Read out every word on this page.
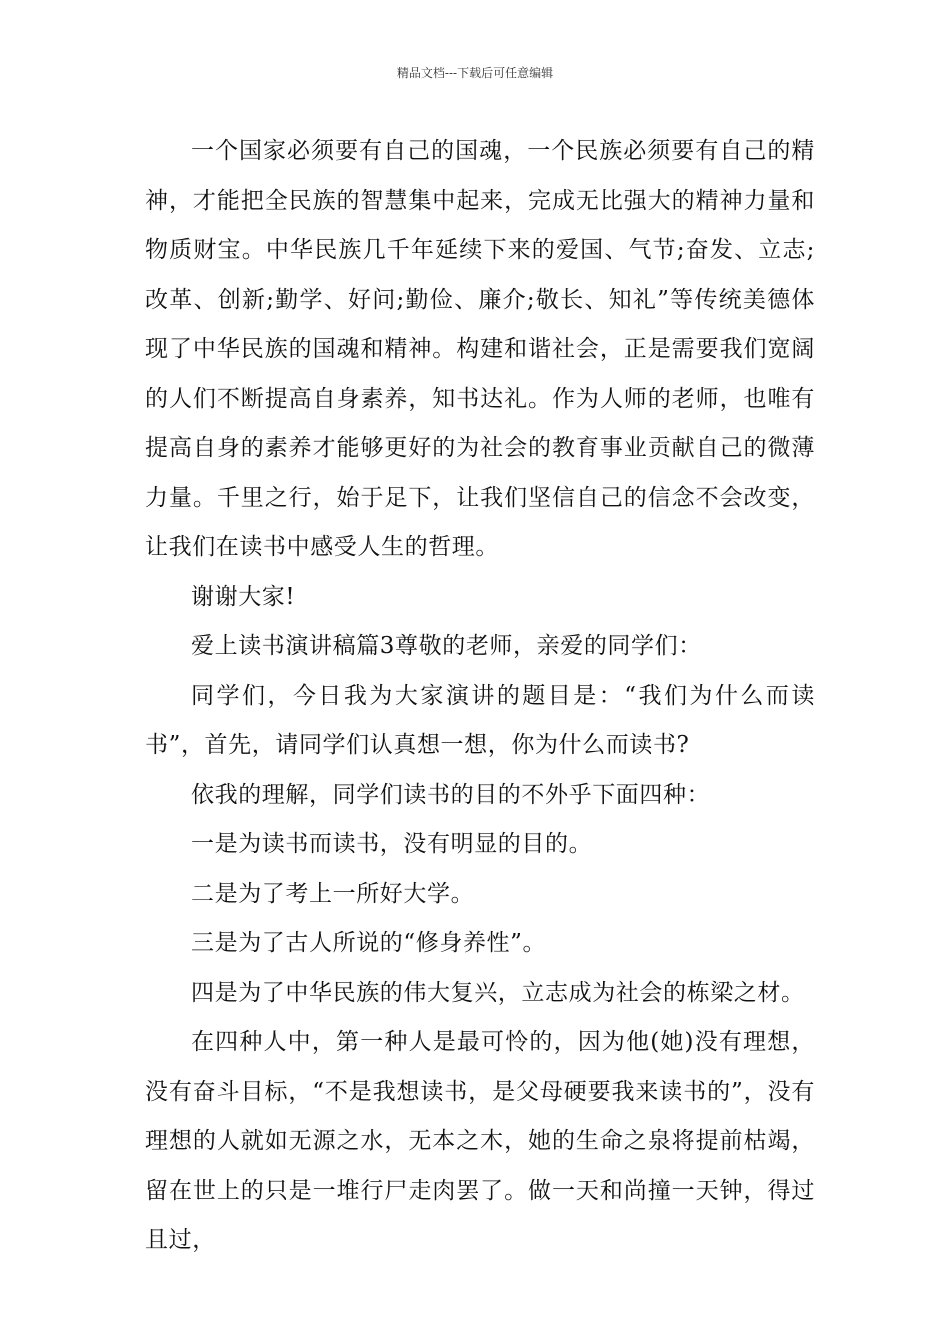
精品文档---下载后可任意编辑

一个国家必须要有自己的国魂，一个民族必须要有自己的精神，才能把全民族的智慧集中起来，完成无比强大的精神力量和物质财宝。中华民族几千年延续下来的爱国、气节;奋发、立志;改革、创新;勤学、好问;勤俭、廉介;敬长、知礼”等传统美德体现了中华民族的国魂和精神。构建和谐社会，正是需要我们宽阔的人们不断提高自身素养，知书达礼。作为人师的老师，也唯有提高自身的素养才能够更好的为社会的教育事业贡献自己的微薄力量。千里之行，始于足下，让我们坚信自己的信念不会改变，让我们在读书中感受人生的哲理。

谢谢大家!

爱上读书演讲稿篇3尊敬的老师，亲爱的同学们：

同学们，今日我为大家演讲的题目是：“我们为什么而读书”，首先，请同学们认真想一想，你为什么而读书?

依我的理解，同学们读书的目的不外乎下面四种：

一是为读书而读书，没有明显的目的。

二是为了考上一所好大学。

三是为了古人所说的“修身养性”。

四是为了中华民族的伟大复兴，立志成为社会的栋梁之材。

在四种人中，第一种人是最可怜的，因为他(她)没有理想，没有奋斗目标，“不是我想读书，是父母硬要我来读书的”，没有理想的人就如无源之水，无本之木，她的生命之泉将提前枯竭，留在世上的只是一堆行尸走肉罢了。做一天和尚撞一天钟，得过且过，
